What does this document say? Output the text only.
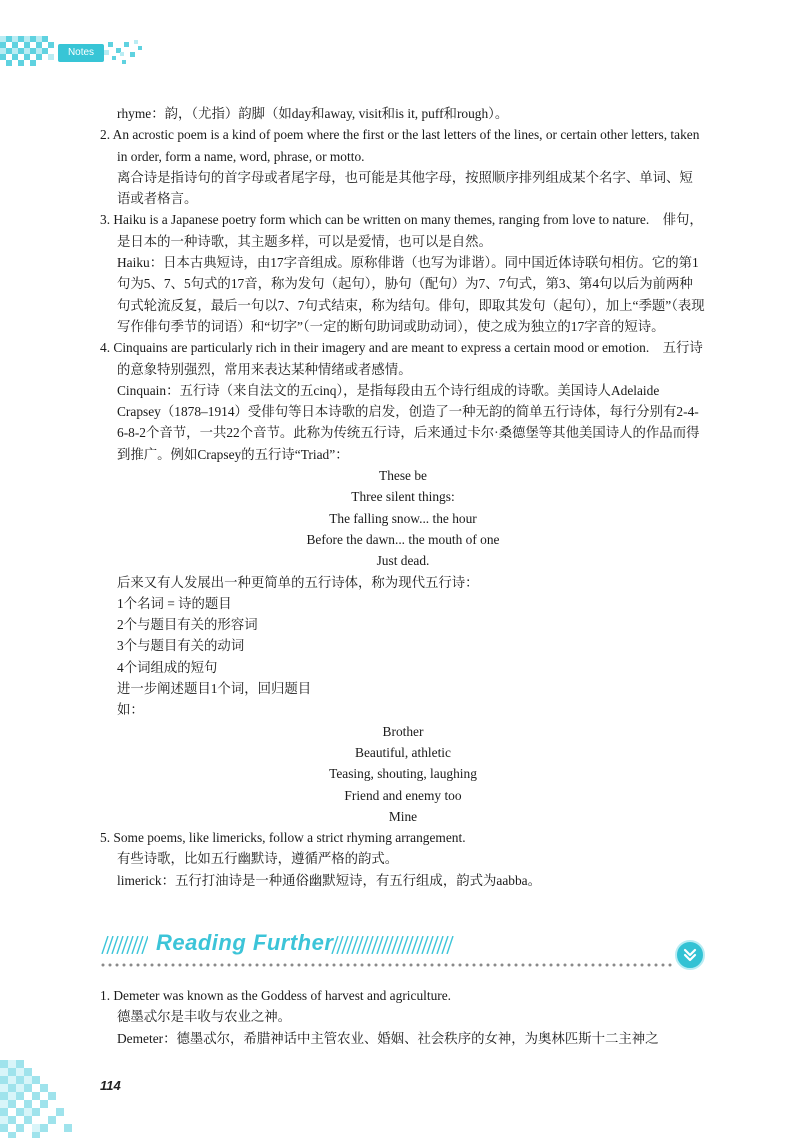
Notes

rhyme：韵，（尤指）韵脚（如day和away, visit和is it, puff和rough）。

2. An acrostic poem is a kind of poem where the first or the last letters of the lines, or certain other letters, taken in order, form a name, word, phrase, or motto.

离合诗是指诗句的首字母或者尾字母，也可能是其他字母，按照顺序排列组成某个名字、单词、短语或者格言。

3. Haiku is a Japanese poetry form which can be written on many themes, ranging from love to nature.　俳句，是日本的一种诗歌，其主题多样，可以是爱情，也可以是自然。

Haiku：日本古典短诗，由17字音组成。原称俳谐（也写为诽谐）。同中国近体诗联句相仿。它的第1句为5、7、5句式的17音，称为发句（起句），胁句（配句）为7、7句式，第3、第4句以后为前两种句式轮流反复，最后一句以7、7句式结束，称为结句。俳句，即取其发句（起句），加上“季题”（表现写作俳句季节的词语）和“切字”（一定的断句助词或助动词），使之成为独立的17字音的短诗。

4. Cinquains are particularly rich in their imagery and are meant to express a certain mood or emotion.　五行诗的意象特别强烈，常用来表达某种情绪或者感情。

Cinquain：五行诗（来自法文的五cinq），是指每段由五个诗行组成的诗歌。美国诗人Adelaide Crapsey（1878–1914）受俳句等日本诗歌的启发，创造了一种无韵的简单五行诗体，每行分别有2-4-6-8-2个音节，一共22个音节。此称为传统五行诗，后来通过卡尔·桑德堡等其他美国诗人的作品而得到推广。例如Crapsey的五行诗“Triad”：

These be

Three silent things:

The falling snow... the hour

Before the dawn... the mouth of one

Just dead.

后来又有人发展出一种更简单的五行诗体，称为现代五行诗：

1个名词 = 诗的题目

2个与题目有关的形容词

3个与题目有关的动词

4个词组成的短句

进一步阐述题目1个词，回归题目

如：

Brother

Beautiful, athletic

Teasing, shouting, laughing

Friend and enemy too

Mine

5. Some poems, like limericks, follow a strict rhyming arrangement.

有些诗歌，比如五行幽默诗，遵循严格的韵式。

limerick：五行打油诗是一种通俗幽默短诗，有五行组成，韵式为aabba。

Reading Further

1. Demeter was known as the Goddess of harvest and agriculture.

德墨忒尔是丰收与农业之神。

Demeter：德墨忒尔，希腊神话中主管农业、婚姻、社会秩序的女神，为奥林匹斯十二主神之

114
